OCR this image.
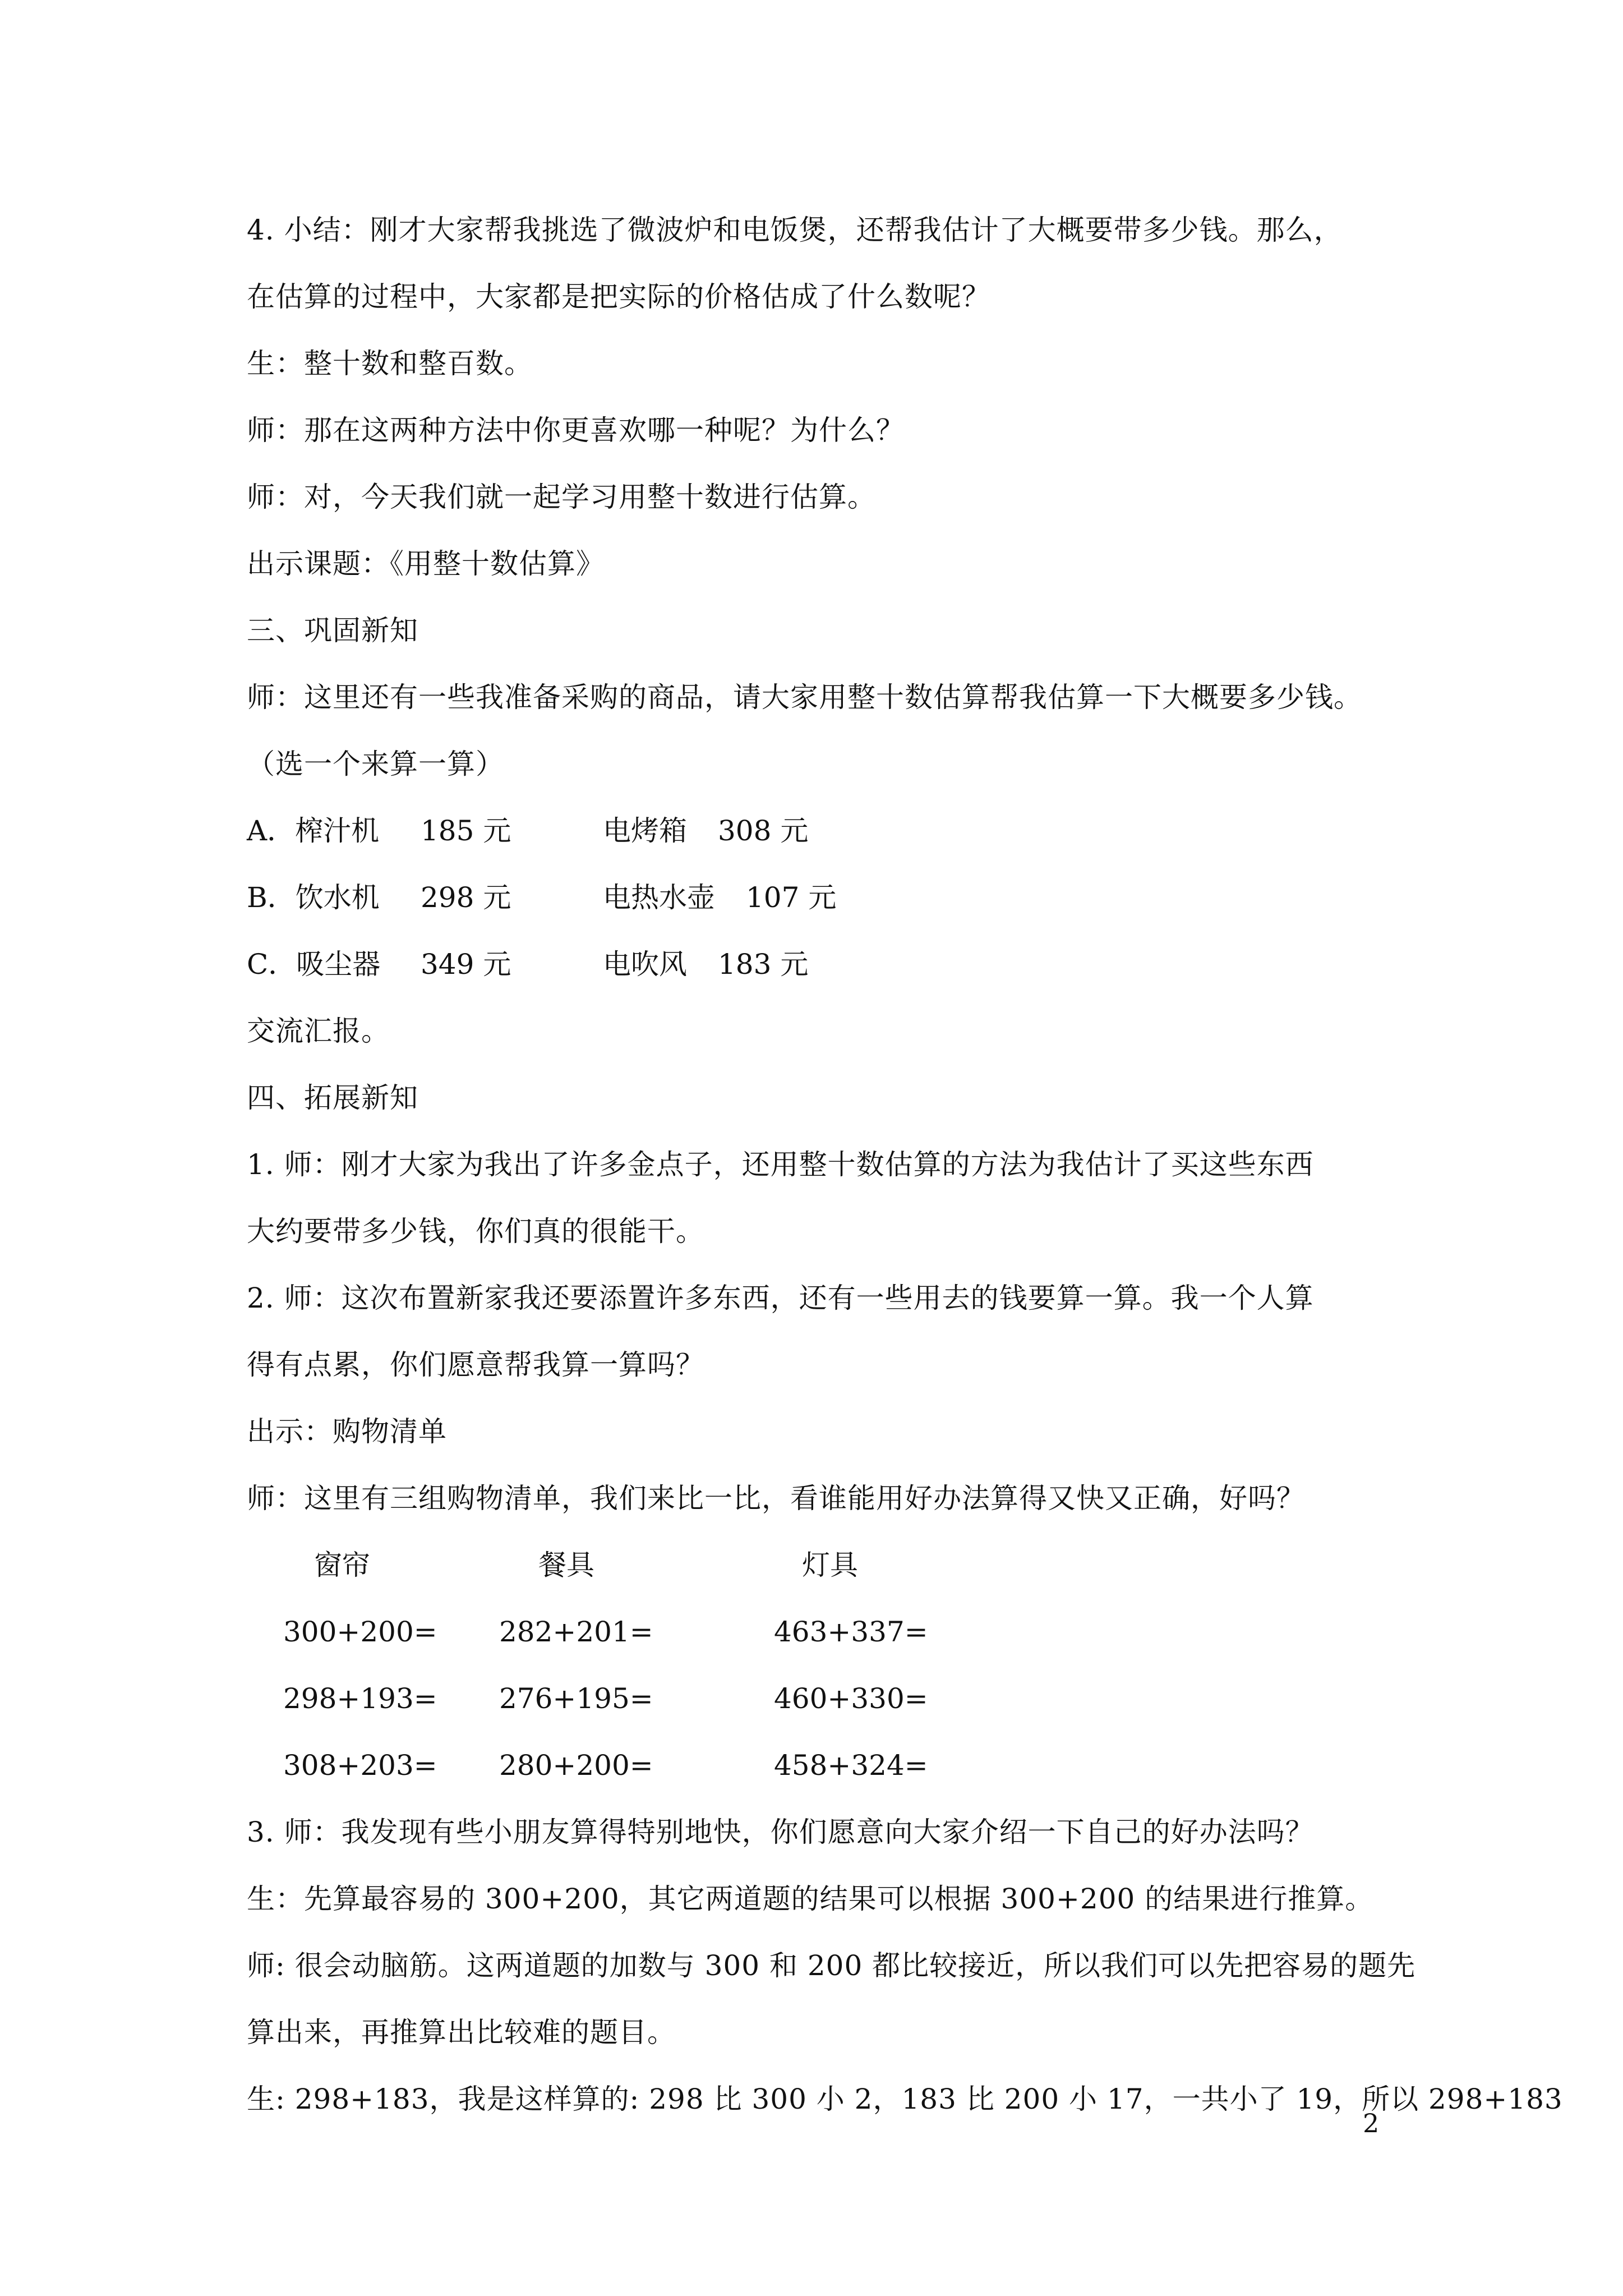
4. 小结：刚才大家帮我挑选了微波炉和电饭煲，还帮我估计了大概要带多少钱。那么，
在估算的过程中，大家都是把实际的价格估成了什么数呢？
生：整十数和整百数。
师：那在这两种方法中你更喜欢哪一种呢？为什么？
师：对，今天我们就一起学习用整十数进行估算。
出示课题：《用整十数估算》
三、巩固新知
师：这里还有一些我准备采购的商品，请大家用整十数估算帮我估算一下大概要多少钱。
（选一个来算一算）
A．榨汁机 185 元	电烤箱 308 元
B．饮水机 298 元	电热水壶 107 元
C．吸尘器 349 元	电吹风 183 元
交流汇报。
四、拓展新知
1. 师：刚才大家为我出了许多金点子，还用整十数估算的方法为我估计了买这些东西
大约要带多少钱，你们真的很能干。
2. 师：这次布置新家我还要添置许多东西，还有一些用去的钱要算一算。我一个人算
得有点累，你们愿意帮我算一算吗？
出示：购物清单
师：这里有三组购物清单，我们来比一比，看谁能用好办法算得又快又正确，好吗？
窗帘	餐具	灯具
300+200= 282+201=	463+337=
298+193= 276+195=	460+330=
308+203= 280+200=	458+324=
3. 师：我发现有些小朋友算得特别地快，你们愿意向大家介绍一下自己的好办法吗？
生：先算最容易的 300+200，其它两道题的结果可以根据 300+200 的结果进行推算。
师: 很会动脑筋。这两道题的加数与 300 和 200 都比较接近，所以我们可以先把容易的题先
算出来，再推算出比较难的题目。
生: 298+183，我是这样算的: 298 比 300 小 2，183 比 200 小 17，一共小了 19，所以 298+183
2
